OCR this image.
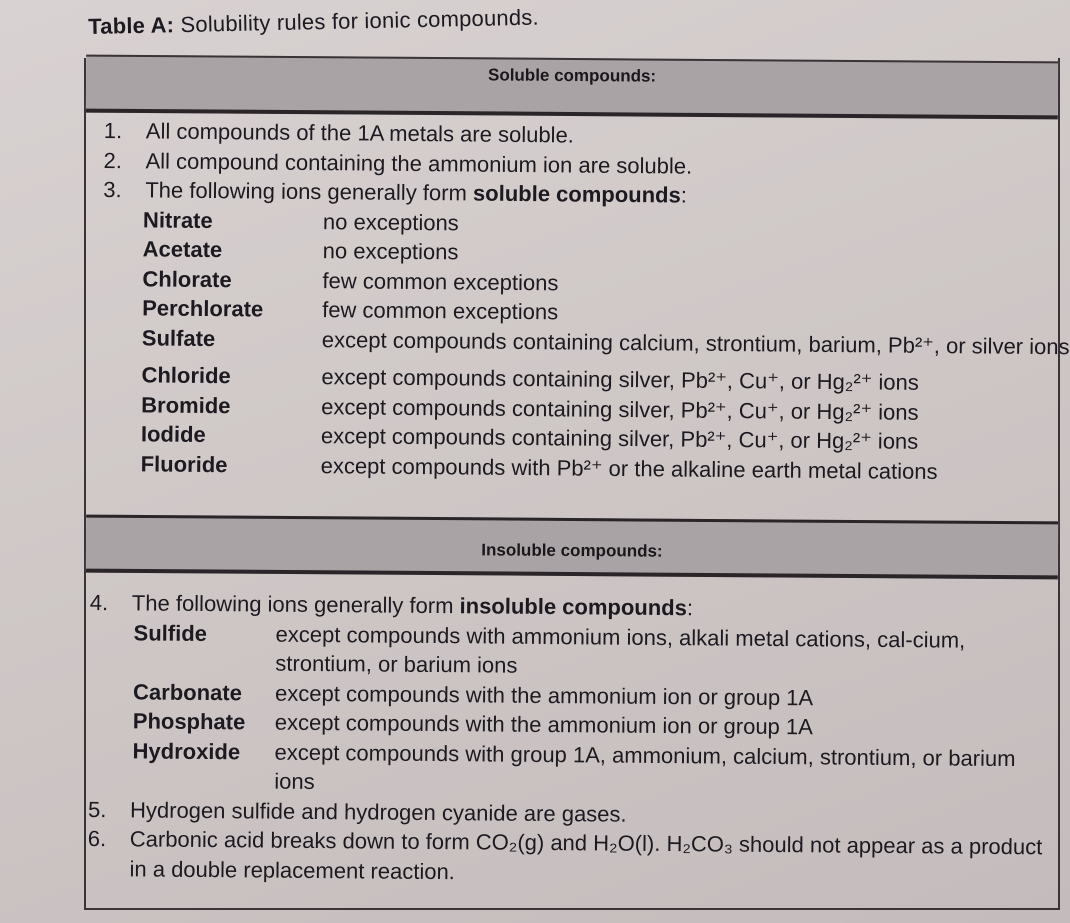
Table A: Solubility rules for ionic compounds.
Soluble compounds:
1.	All compounds of the 1A metals are soluble.
2.	All compound containing the ammonium ion are soluble.
3.	The following ions generally form soluble compounds:
Nitrate	no exceptions
Acetate	no exceptions
Chlorate	few common exceptions
Perchlorate	few common exceptions
Sulfate	except compounds containing calcium, strontium, barium, Pb²⁺, or silver ions
Chloride	except compounds containing silver, Pb²⁺, Cu⁺, or Hg₂²⁺ ions
Bromide	except compounds containing silver, Pb²⁺, Cu⁺, or Hg₂²⁺ ions
Iodide	except compounds containing silver, Pb²⁺, Cu⁺, or Hg₂²⁺ ions
Fluoride	except compounds with Pb²⁺ or the alkaline earth metal cations
Insoluble compounds:
4.	The following ions generally form insoluble compounds:
Sulfide	except compounds with ammonium ions, alkali metal cations, cal-cium, strontium, or barium ions
Carbonate	except compounds with the ammonium ion or group 1A
Phosphate	except compounds with the ammonium ion or group 1A
Hydroxide	except compounds with group 1A, ammonium, calcium, strontium, or barium ions
5.	Hydrogen sulfide and hydrogen cyanide are gases.
6.	Carbonic acid breaks down to form CO₂(g) and H₂O(l). H₂CO₃ should not appear as a product in a double replacement reaction.
